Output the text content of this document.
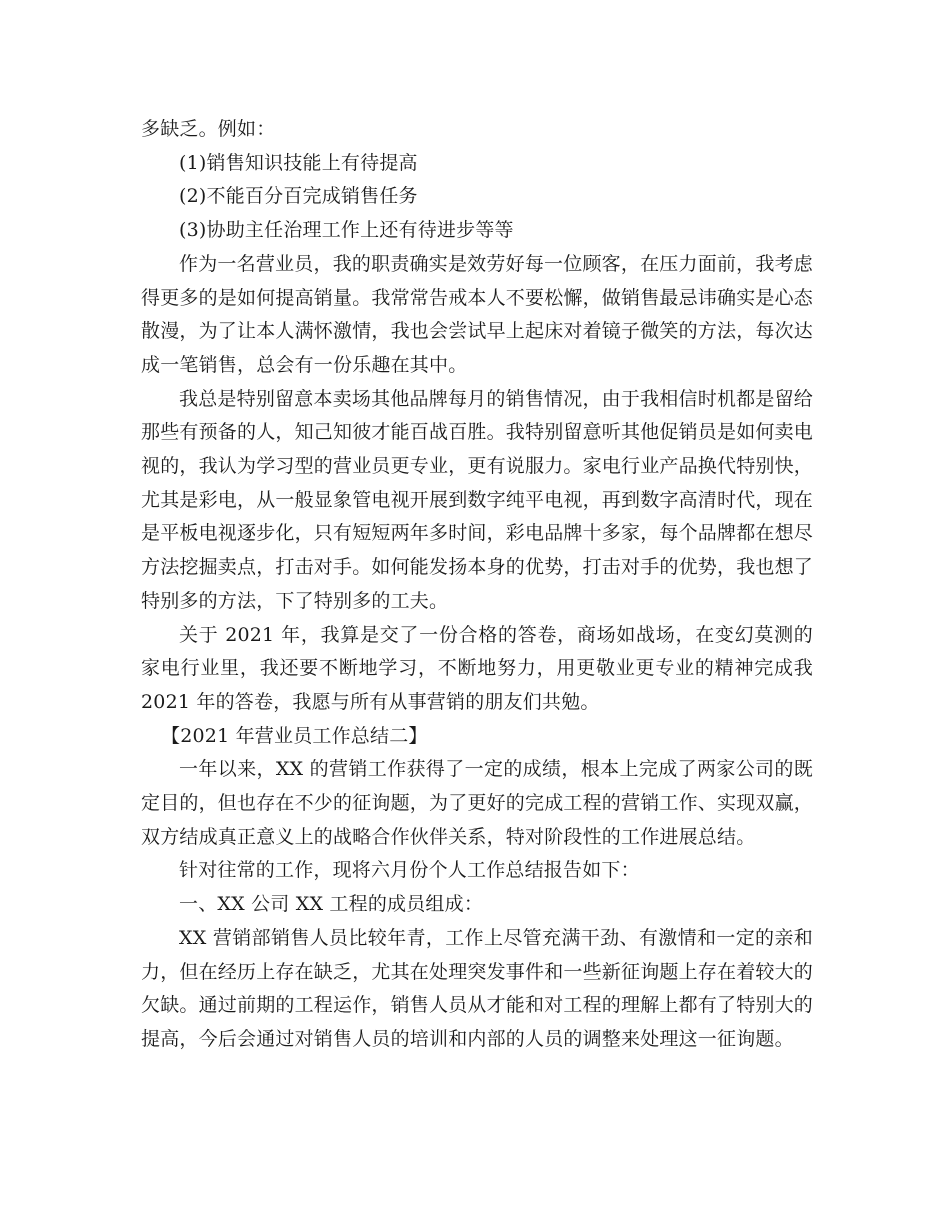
多缺乏。例如：

(1)销售知识技能上有待提高

(2)不能百分百完成销售任务

(3)协助主任治理工作上还有待进步等等

作为一名营业员，我的职责确实是效劳好每一位顾客，在压力面前，我考虑得更多的是如何提高销量。我常常告戒本人不要松懈，做销售最忌讳确实是心态散漫，为了让本人满怀激情，我也会尝试早上起床对着镜子微笑的方法，每次达成一笔销售，总会有一份乐趣在其中。

我总是特别留意本卖场其他品牌每月的销售情况，由于我相信时机都是留给那些有预备的人，知己知彼才能百战百胜。我特别留意听其他促销员是如何卖电视的，我认为学习型的营业员更专业，更有说服力。家电行业产品换代特别快，尤其是彩电，从一般显象管电视开展到数字纯平电视，再到数字高清时代，现在是平板电视逐步化，只有短短两年多时间，彩电品牌十多家，每个品牌都在想尽方法挖掘卖点，打击对手。如何能发扬本身的优势，打击对手的优势，我也想了特别多的方法，下了特别多的工夫。

关于 2021 年，我算是交了一份合格的答卷，商场如战场，在变幻莫测的家电行业里，我还要不断地学习，不断地努力，用更敬业更专业的精神完成我 2021 年的答卷，我愿与所有从事营销的朋友们共勉。

【2021 年营业员工作总结二】

一年以来，XX 的营销工作获得了一定的成绩，根本上完成了两家公司的既定目的，但也存在不少的征询题，为了更好的完成工程的营销工作、实现双赢，双方结成真正意义上的战略合作伙伴关系，特对阶段性的工作进展总结。

针对往常的工作，现将六月份个人工作总结报告如下：

一、XX 公司 XX 工程的成员组成：

XX 营销部销售人员比较年青，工作上尽管充满干劲、有激情和一定的亲和力，但在经历上存在缺乏，尤其在处理突发事件和一些新征询题上存在着较大的欠缺。通过前期的工程运作，销售人员从才能和对工程的理解上都有了特别大的提高，今后会通过对销售人员的培训和内部的人员的调整来处理这一征询题。
